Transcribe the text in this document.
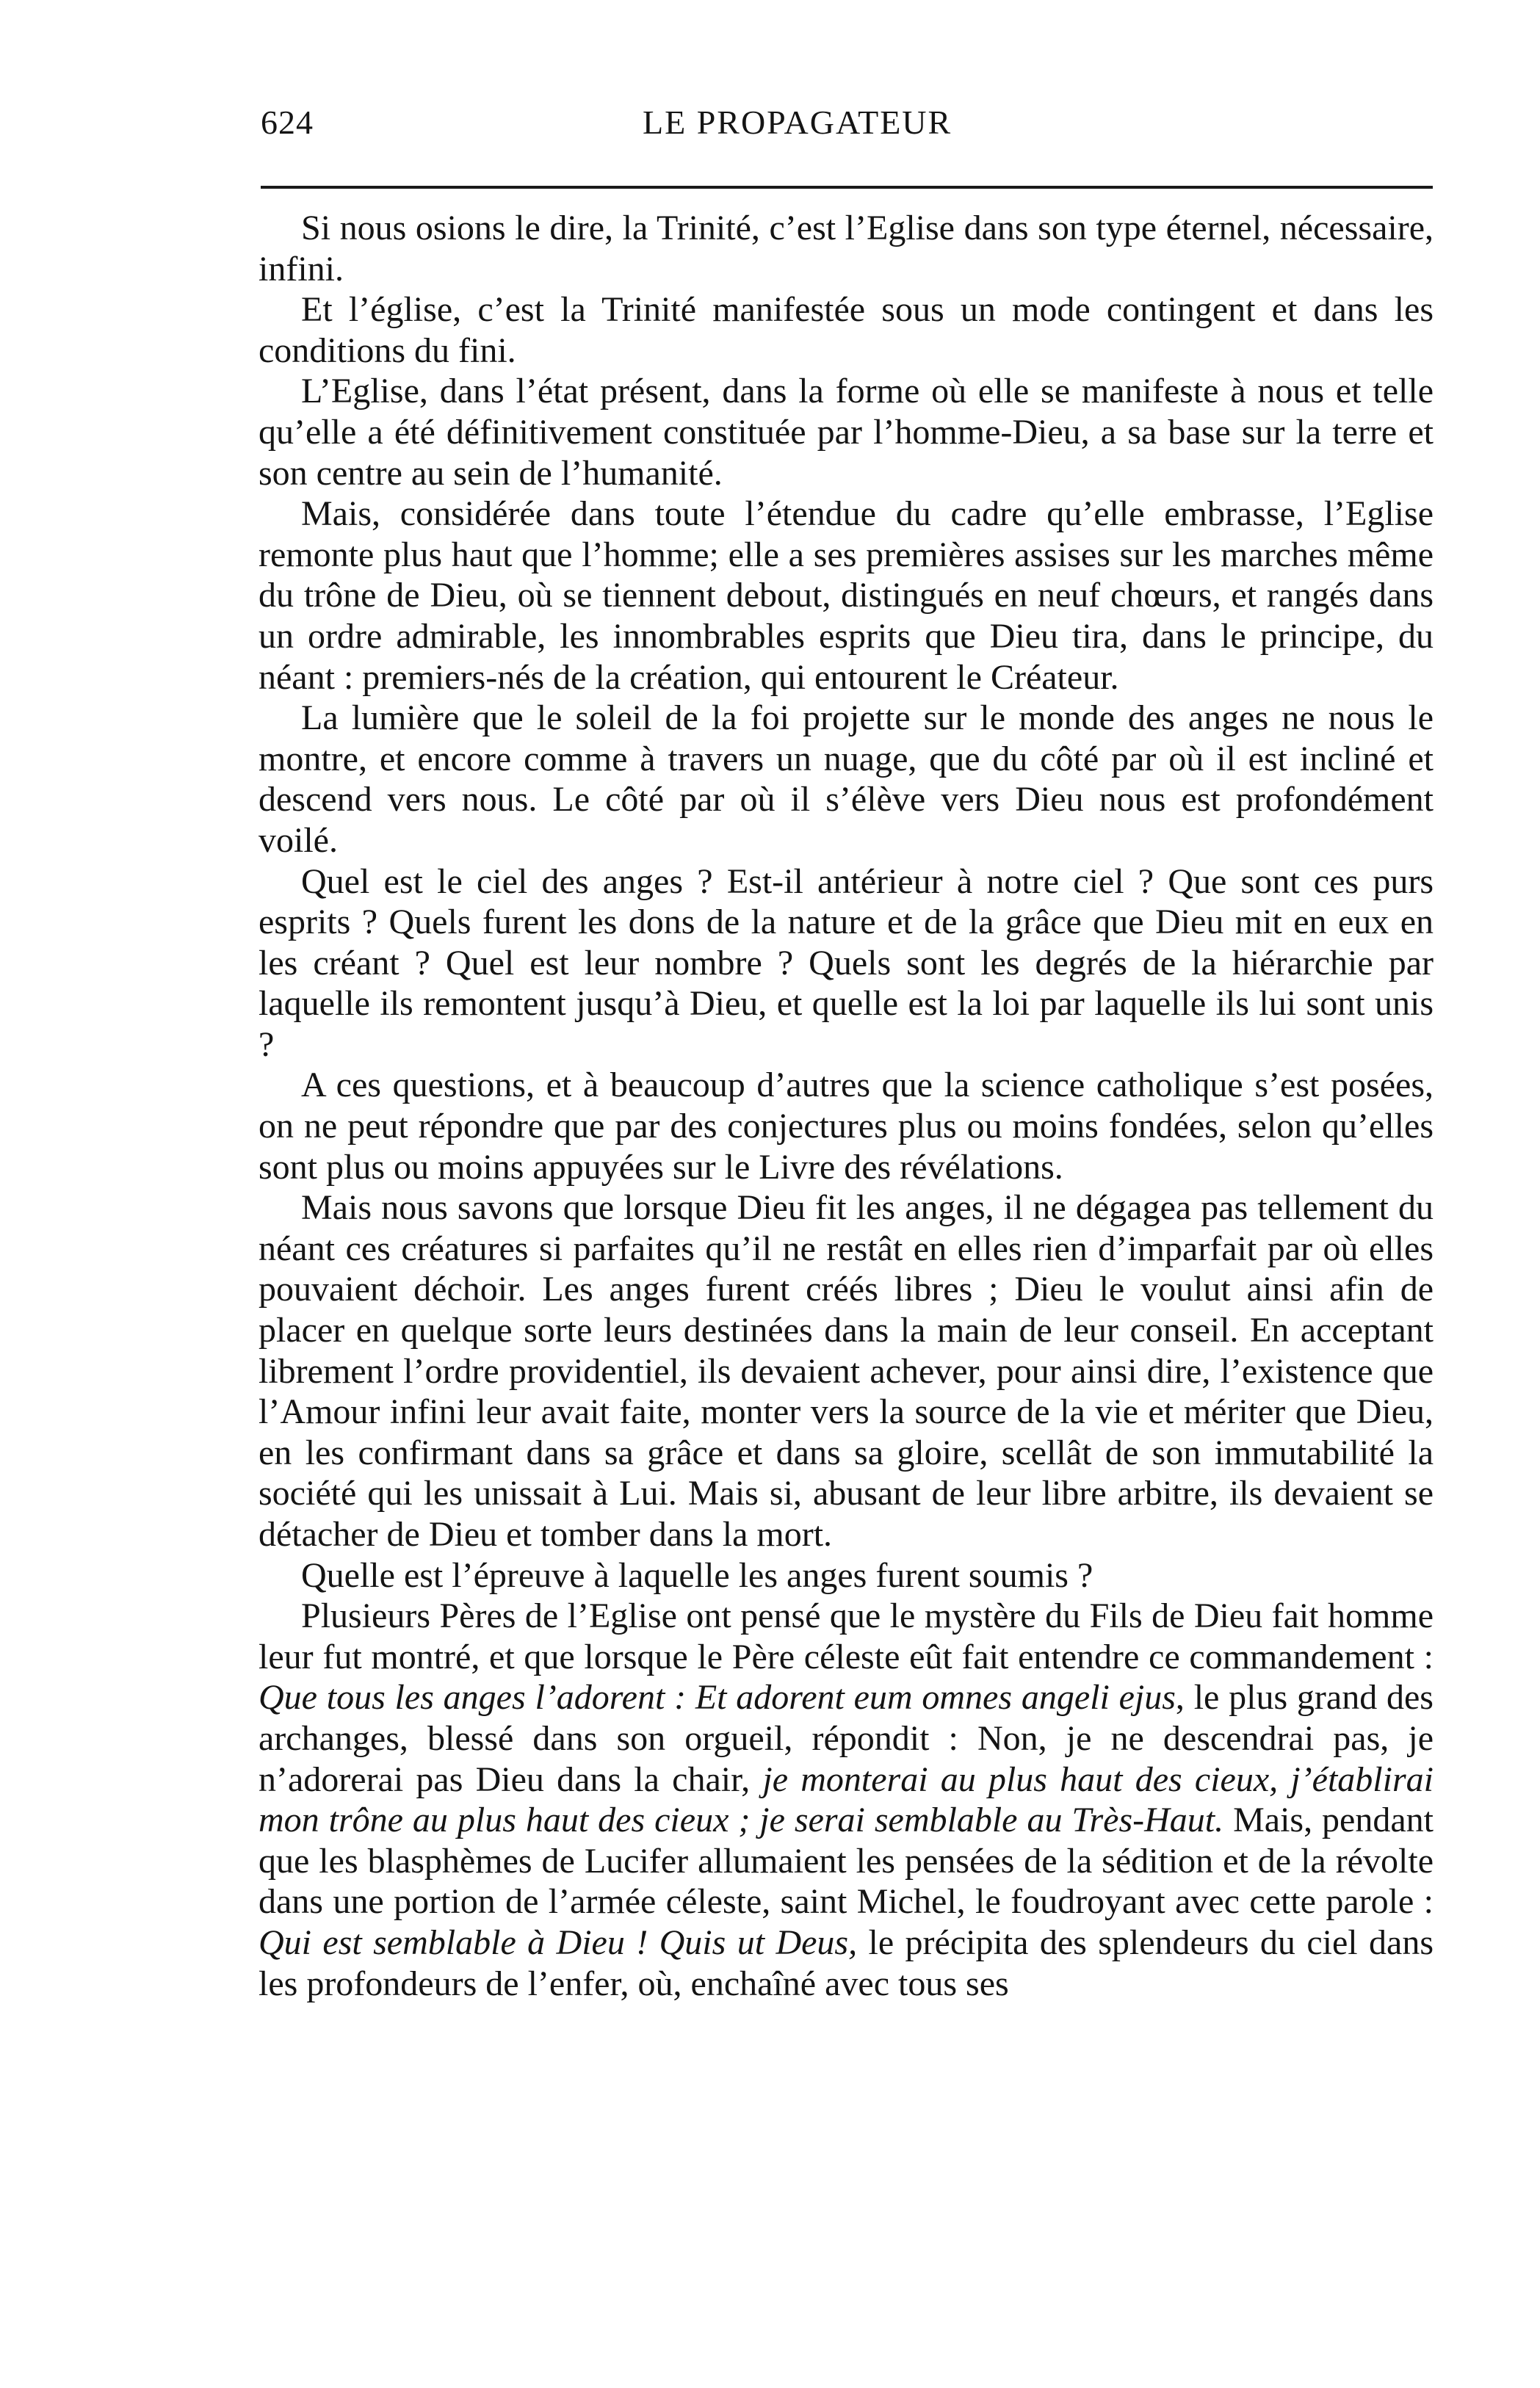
624	LE PROPAGATEUR

Si nous osions le dire, la Trinité, c’est l’Eglise dans son type éternel, nécessaire, infini.

Et l’église, c’est la Trinité manifestée sous un mode contingent et dans les conditions du fini.

L’Eglise, dans l’état présent, dans la forme où elle se manifeste à nous et telle qu’elle a été définitivement constituée par l’homme-Dieu, a sa base sur la terre et son centre au sein de l’humanité.

Mais, considérée dans toute l’étendue du cadre qu’elle embrasse, l’Eglise remonte plus haut que l’homme; elle a ses premières assises sur les marches même du trône de Dieu, où se tiennent debout, distingués en neuf chœurs, et rangés dans un ordre admirable, les innombrables esprits que Dieu tira, dans le principe, du néant : premiers-nés de la création, qui entourent le Créateur.

La lumière que le soleil de la foi projette sur le monde des anges ne nous le montre, et encore comme à travers un nuage, que du côté par où il est incliné et descend vers nous. Le côté par où il s’élève vers Dieu nous est profondément voilé.

Quel est le ciel des anges ? Est-il antérieur à notre ciel ? Que sont ces purs esprits ? Quels furent les dons de la nature et de la grâce que Dieu mit en eux en les créant ? Quel est leur nombre ? Quels sont les degrés de la hiérarchie par laquelle ils remontent jusqu’à Dieu, et quelle est la loi par laquelle ils lui sont unis ?

A ces questions, et à beaucoup d’autres que la science catholique s’est posées, on ne peut répondre que par des conjectures plus ou moins fondées, selon qu’elles sont plus ou moins appuyées sur le Livre des révélations.

Mais nous savons que lorsque Dieu fit les anges, il ne dégagea pas tellement du néant ces créatures si parfaites qu’il ne restât en elles rien d’imparfait par où elles pouvaient déchoir. Les anges furent créés libres ; Dieu le voulut ainsi afin de placer en quelque sorte leurs destinées dans la main de leur conseil. En acceptant librement l’ordre providentiel, ils devaient achever, pour ainsi dire, l’existence que l’Amour infini leur avait faite, monter vers la source de la vie et mériter que Dieu, en les confirmant dans sa grâce et dans sa gloire, scellât de son immutabilité la société qui les unissait à Lui. Mais si, abusant de leur libre arbitre, ils devaient se détacher de Dieu et tomber dans la mort.

Quelle est l’épreuve à laquelle les anges furent soumis ?

Plusieurs Pères de l’Eglise ont pensé que le mystère du Fils de Dieu fait homme leur fut montré, et que lorsque le Père céleste eût fait entendre ce commandement : Que tous les anges l’adorent : Et adorent eum omnes angeli ejus, le plus grand des archanges, blessé dans son orgueil, répondit : Non, je ne descendrai pas, je n’adorerai pas Dieu dans la chair, je monterai au plus haut des cieux, j’établirai mon trône au plus haut des cieux ; je serai semblable au Très-Haut. Mais, pendant que les blasphèmes de Lucifer allumaient les pensées de la sédition et de la révolte dans une portion de l’armée céleste, saint Michel, le foudroyant avec cette parole : Qui est semblable à Dieu ! Quis ut Deus, le précipita des splendeurs du ciel dans les profondeurs de l’enfer, où, enchaîné avec tous ses
